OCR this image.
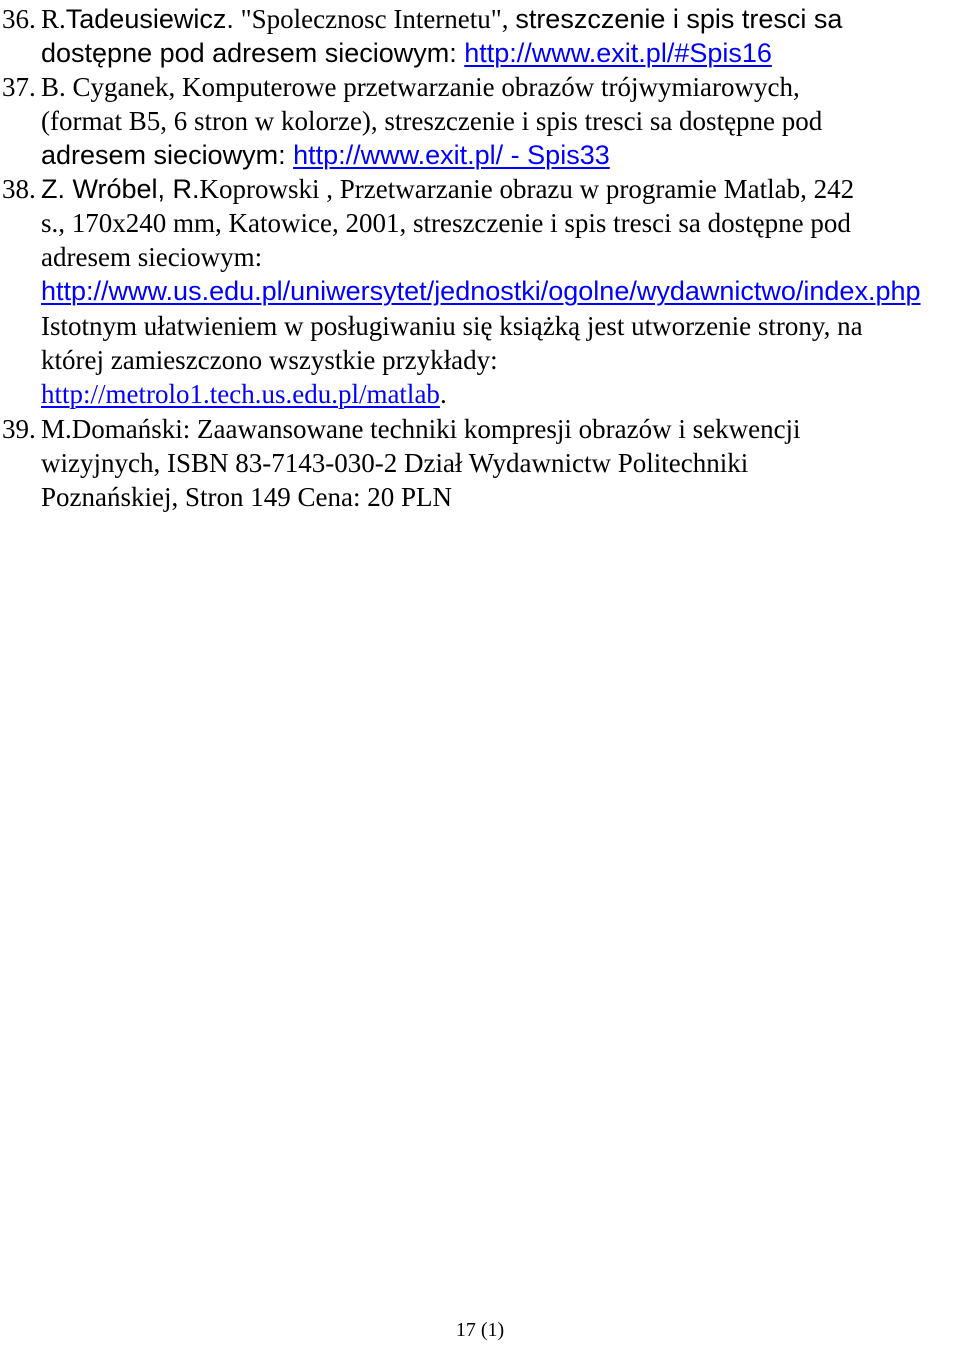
36. R.Tadeusiewicz. "Spolecznosc Internetu", streszczenie i spis tresci sa
dostępne pod adresem sieciowym: http://www.exit.pl/#Spis16
37. B. Cyganek, Komputerowe przetwarzanie obrazów trójwymiarowych,
(format B5, 6 stron w kolorze), streszczenie i spis tresci sa dostępne pod
adresem sieciowym: http://www.exit.pl/ - Spis33
38. Z. Wróbel, R.Koprowski , Przetwarzanie obrazu w programie Matlab, 242
s., 170x240 mm, Katowice, 2001, streszczenie i spis tresci sa dostępne pod
adresem sieciowym:
http://www.us.edu.pl/uniwersytet/jednostki/ogolne/wydawnictwo/index.php
Istotnym ułatwieniem w posługiwaniu się książką jest utworzenie strony, na
której zamieszczono wszystkie przykłady:
http://metrolo1.tech.us.edu.pl/matlab.
39. M.Domański: Zaawansowane techniki kompresji obrazów i sekwencji
wizyjnych, ISBN 83-7143-030-2 Dział Wydawnictw Politechniki
Poznańskiej, Stron 149 Cena: 20 PLN
17 (1)
